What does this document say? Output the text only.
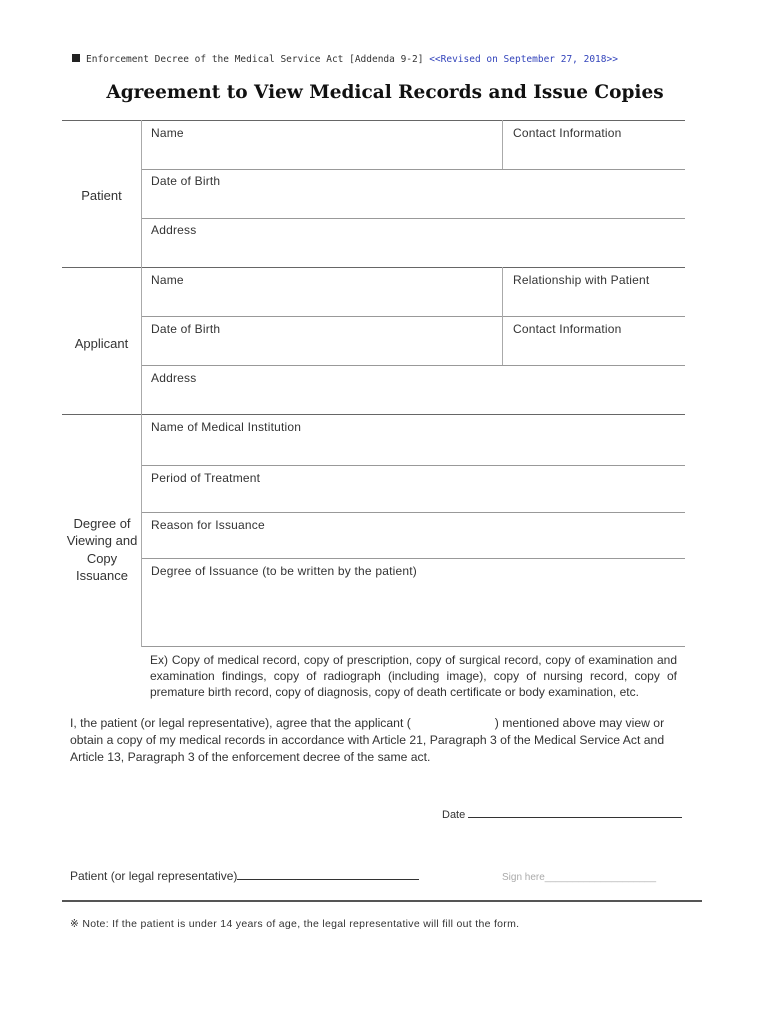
Enforcement Decree of the Medical Service Act [Addenda 9-2] <<Revised on September 27, 2018>>
Agreement to View Medical Records and Issue Copies
Patient
Name	Contact Information
Date of Birth
Address
Applicant
Name	Relationship with Patient
Date of Birth	Contact Information
Address
Degree of Viewing and Copy Issuance
Name of Medical Institution
Period of Treatment
Reason for Issuance
Degree of Issuance (to be written by the patient)
Ex) Copy of medical record, copy of prescription, copy of surgical record, copy of examination and examination findings, copy of radiograph (including image), copy of nursing record, copy of premature birth record, copy of diagnosis, copy of death certificate or body examination, etc.
I, the patient (or legal representative), agree that the applicant (	) mentioned above may view or obtain a copy of my medical records in accordance with Article 21, Paragraph 3 of the Medical Service Act and Article 13, Paragraph 3 of the enforcement decree of the same act.
Date
Patient (or legal representative)	Sign here____________________
※ Note: If the patient is under 14 years of age, the legal representative will fill out the form.
